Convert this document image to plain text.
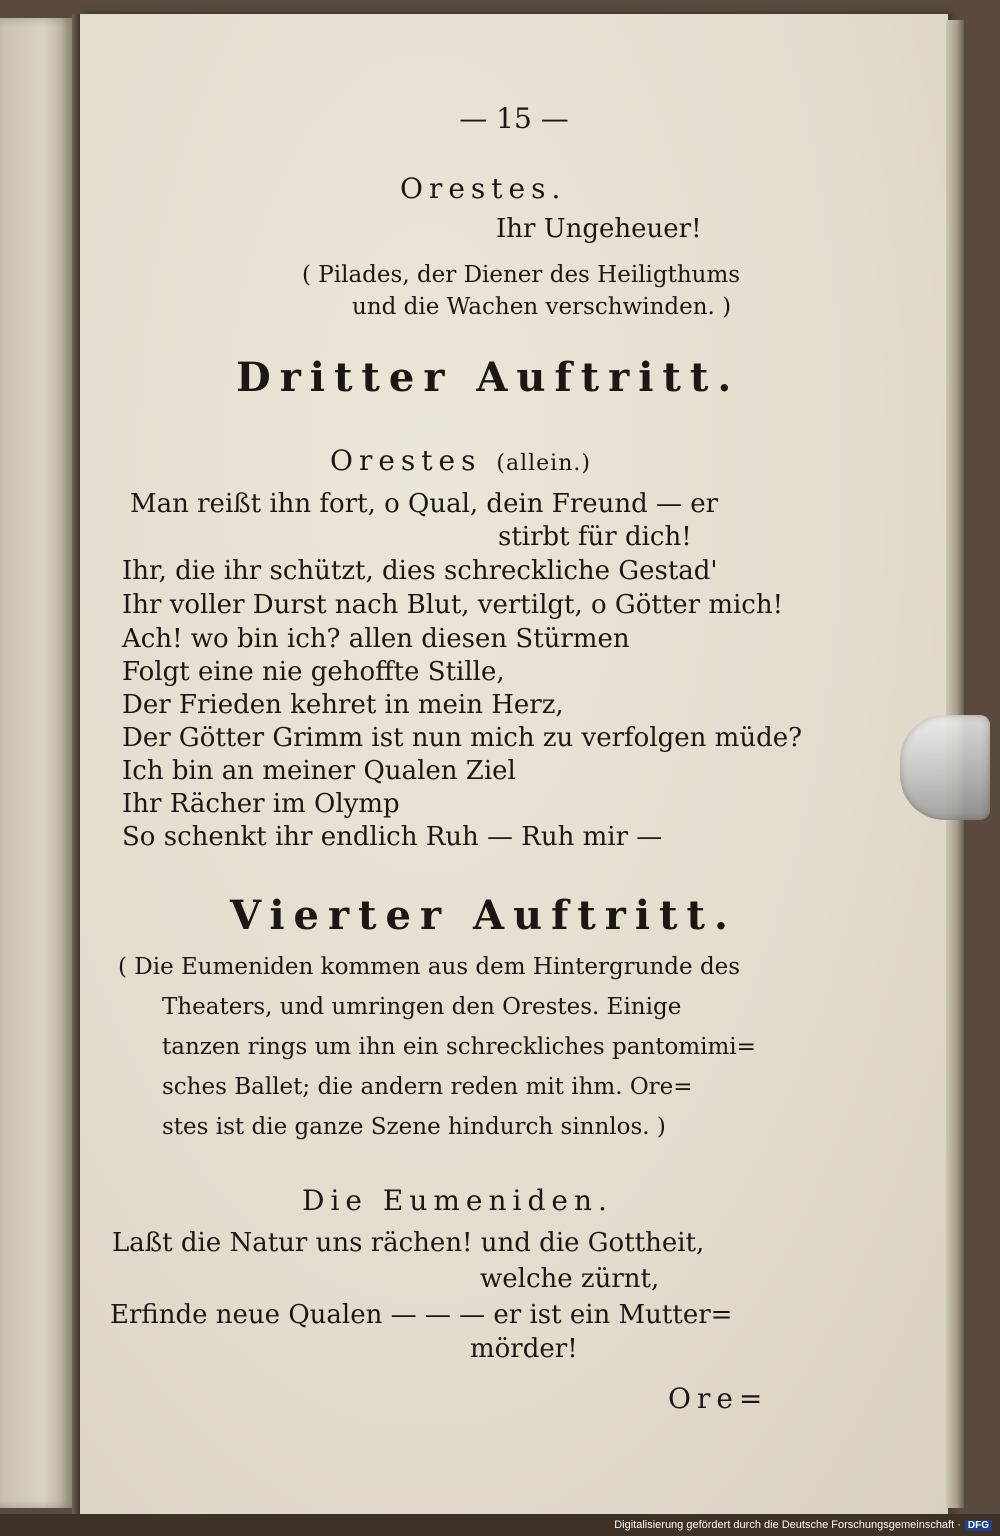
— 15 —
Orestes.
Ihr Ungeheuer!
( Pilades, der Diener des Heiligthums
und die Wachen verschwinden. )
Dritter Auftritt.
Orestes (allein.)
Man reißt ihn fort, o Qual, dein Freund — er
stirbt für dich!
Ihr, die ihr schützt, dies schreckliche Gestad'
Ihr voller Durst nach Blut, vertilgt, o Götter mich!
Ach! wo bin ich? allen diesen Stürmen
Folgt eine nie gehoffte Stille,
Der Frieden kehret in mein Herz,
Der Götter Grimm ist nun mich zu verfolgen müde?
Ich bin an meiner Qualen Ziel
Ihr Rächer im Olymp
So schenkt ihr endlich Ruh — Ruh mir —
Vierter Auftritt.
( Die Eumeniden kommen aus dem Hintergrunde des
Theaters, und umringen den Orestes. Einige
tanzen rings um ihn ein schreckliches pantomimi=
sches Ballet; die andern reden mit ihm. Ore=
stes ist die ganze Szene hindurch sinnlos. )
Die Eumeniden.
Laßt die Natur uns rächen! und die Gottheit,
welche zürnt,
Erfinde neue Qualen — — — er ist ein Mutter=
mörder!
Ore=
Digitalisierung gefördert durch die Deutsche Forschungsgemeinschaft · DFG
